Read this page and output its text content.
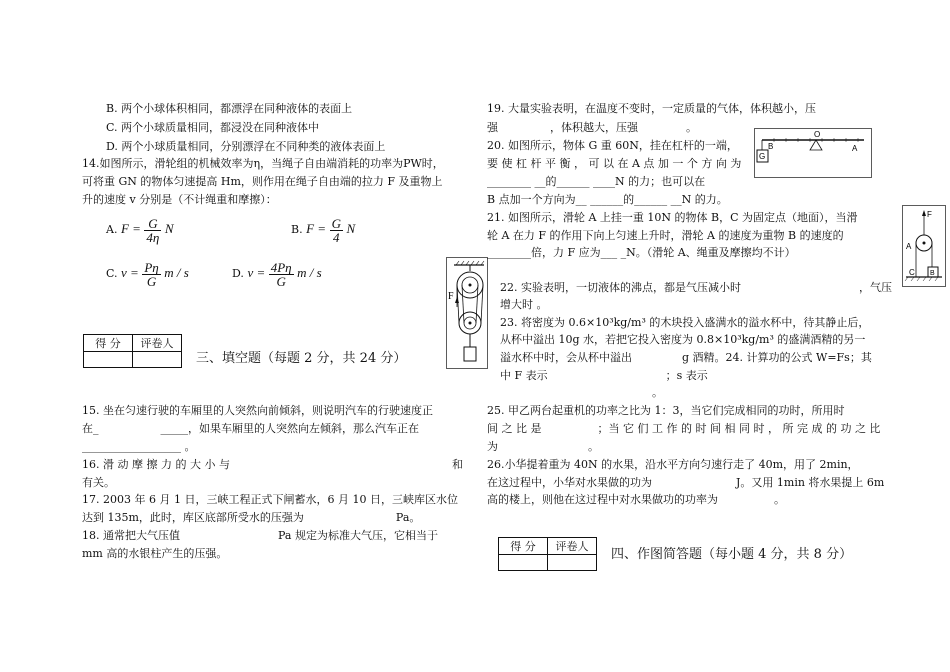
B. 两个小球体积相同，都漂浮在同种液体的表面上
C. 两个小球质量相同，都浸没在同种液体中
D. 两个小球质量相同，分别漂浮在不同种类的液体表面上
14.如图所示，滑轮组的机械效率为η，当绳子自由端消耗的功率为PW时，
可将重 GN 的物体匀速提高 Hm，则作用在绳子自由端的拉力 F 及重物上
升的速度 v 分别是（不计绳重和摩擦）：
A. $F = \frac{G}{4\eta}$ N	B. $F = \frac{G}{4}$ N
C. $v = \frac{P\eta}{G}$ m / s	D. $v = \frac{4P\eta}{G}$ m / s
得 分	评卷人

三、填空题（每题 2 分，共 24 分）
15. 坐在匀速行驶的车厢里的人突然向前倾斜，则说明汽车的行驶速度正
在_	_____，如果车厢里的人突然向左倾斜，那么汽车正在
__________________ 。
16. 滑 动 摩 擦 力 的 大 小 与	和
有关。
17. 2003 年 6 月 1 日，三峡工程正式下闸蓄水，6 月 10 日，三峡库区水位
达到 135m，此时，库区底部所受水的压强为	Pa。
18. 通常把大气压值	Pa 规定为标准大气压，它相当于
mm 高的水银柱产生的压强。
F
19. 大量实验表明，在温度不变时，一定质量的气体，体积越小，压
强	，体积越大，压强	。
20. 如图所示，物体 G 重 60N，挂在杠杆的一端，
要 使 杠 杆 平 衡 ， 可 以 在 A 点 加 一 个 方 向 为
________ __的______ ____N 的力；也可以在
B 点加一个方向为__ ______的______ __N 的力。
O
B	A
G
21. 如图所示，滑轮 A 上挂一重 10N 的物体 B，C 为固定点（地面），当滑
轮 A 在力 F 的作用下向上匀速上升时，滑轮 A 的速度为重物 B 的速度的
________倍，力 F 应为___ _N。（滑轮 A、绳重及摩擦均不计）
F
A
C B
22. 实验表明，一切液体的沸点，都是气压减小时	，气压
增大时 。
23. 将密度为 0.6×10³kg/m³ 的木块投入盛满水的溢水杯中，待其静止后，
从杯中溢出 10g 水，若把它投入密度为 0.8×10³kg/m³ 的盛满酒精的另一
溢水杯中时，会从杯中溢出	g 酒精。24. 计算功的公式 W=Fs；其
中 F 表示	；s 表示
。
25. 甲乙两台起重机的功率之比为 1：3，当它们完成相同的功时，所用时
间 之 比 是	；当 它 们 工 作 的 时 间 相 同 时 ， 所 完 成 的 功 之 比
为	。
26.小华提着重为 40N 的水果，沿水平方向匀速行走了 40m，用了 2min，
在这过程中，小华对水果做的功为	J。又用 1min 将水果提上 6m
高的楼上，则他在这过程中对水果做功的功率为	。
得 分	评卷人

四、作图简答题（每小题 4 分，共 8 分）
